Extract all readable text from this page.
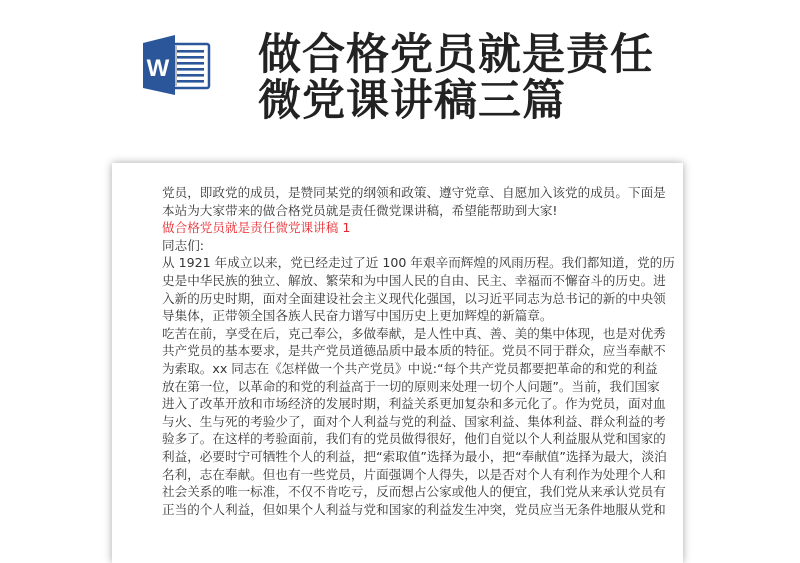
W 做合格党员就是责任
微党课讲稿三篇
党员，即政党的成员，是赞同某党的纲领和政策、遵守党章、自愿加入该党的成员。下面是
本站为大家带来的做合格党员就是责任微党课讲稿，希望能帮助到大家!
做合格党员就是责任微党课讲稿 1
同志们:
从 1921 年成立以来，党已经走过了近 100 年艰辛而辉煌的风雨历程。我们都知道，党的历
史是中华民族的独立、解放、繁荣和为中国人民的自由、民主、幸福而不懈奋斗的历史。进
入新的历史时期，面对全面建设社会主义现代化强国，以习近平同志为总书记的新的中央领
导集体，正带领全国各族人民奋力谱写中国历史上更加辉煌的新篇章。
吃苦在前，享受在后，克己奉公，多做奉献，是人性中真、善、美的集中体现，也是对优秀
共产党员的基本要求，是共产党员道德品质中最本质的特征。党员不同于群众，应当奉献不
为索取。xx 同志在《怎样做一个共产党员》中说:“每个共产党员都要把革命的和党的利益
放在第一位，以革命的和党的利益高于一切的原则来处理一切个人问题”。当前，我们国家
进入了改革开放和市场经济的发展时期，利益关系更加复杂和多元化了。作为党员，面对血
与火、生与死的考验少了，面对个人利益与党的利益、国家利益、集体利益、群众利益的考
验多了。在这样的考验面前，我们有的党员做得很好，他们自觉以个人利益服从党和国家的
利益，必要时宁可牺牲个人的利益，把“索取值”选择为最小，把“奉献值”选择为最大，淡泊
名利，志在奉献。但也有一些党员，片面强调个人得失，以是否对个人有利作为处理个人和
社会关系的唯一标准，不仅不肯吃亏，反而想占公家或他人的便宜，我们党从来承认党员有
正当的个人利益，但如果个人利益与党和国家的利益发生冲突，党员应当无条件地服从党和
